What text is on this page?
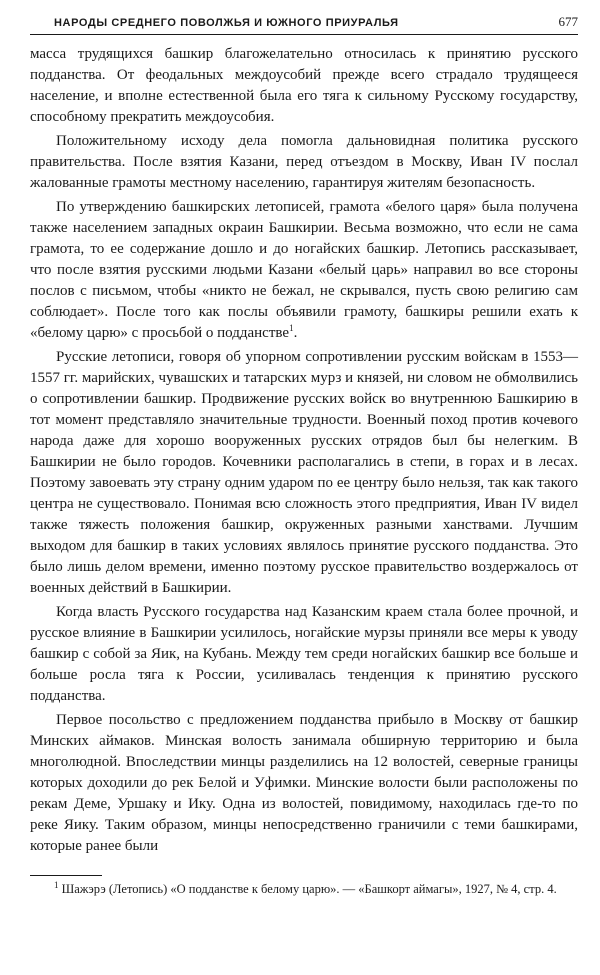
НАРОДЫ СРЕДНЕГО ПОВОЛЖЬЯ И ЮЖНОГО ПРИУРАЛЬЯ	677

масса трудящихся башкир благожелательно относилась к принятию русского подданства. От феодальных междоусобий прежде всего страдало трудящееся население, и вполне естественной была его тяга к сильному Русскому государству, способному прекратить междоусобия.

Положительному исходу дела помогла дальновидная политика русского правительства. После взятия Казани, перед отъездом в Москву, Иван IV послал жалованные грамоты местному населению, гарантируя жителям безопасность.

По утверждению башкирских летописей, грамота «белого царя» была получена также населением западных окраин Башкирии. Весьма возможно, что если не сама грамота, то ее содержание дошло и до ногайских башкир. Летопись рассказывает, что после взятия русскими людьми Казани «белый царь» направил во все стороны послов с письмом, чтобы «никто не бежал, не скрывался, пусть свою религию сам соблюдает». После того как послы объявили грамоту, башкиры решили ехать к «белому царю» с просьбой о подданстве$^1$.

Русские летописи, говоря об упорном сопротивлении русским войскам в 1553—1557 гг. марийских, чувашских и татарских мурз и князей, ни словом не обмолвились о сопротивлении башкир. Продвижение русских войск во внутреннюю Башкирию в тот момент представляло значительные трудности. Военный поход против кочевого народа даже для хорошо вооруженных русских отрядов был бы нелегким. В Башкирии не было городов. Кочевники располагались в степи, в горах и в лесах. Поэтому завоевать эту страну одним ударом по ее центру было нельзя, так как такого центра не существовало. Понимая всю сложность этого предприятия, Иван IV видел также тяжесть положения башкир, окруженных разными ханствами. Лучшим выходом для башкир в таких условиях являлось принятие русского подданства. Это было лишь делом времени, именно поэтому русское правительство воздержалось от военных действий в Башкирии.

Когда власть Русского государства над Казанским краем стала более прочной, и русское влияние в Башкирии усилилось, ногайские мурзы приняли все меры к уводу башкир с собой за Яик, на Кубань. Между тем среди ногайских башкир все больше и больше росла тяга к России, усиливалась тенденция к принятию русского подданства.

Первое посольство с предложением подданства прибыло в Москву от башкир Минских аймаков. Минская волость занимала обширную территорию и была многолюдной. Впоследствии минцы разделились на 12 волостей, северные границы которых доходили до рек Белой и Уфимки. Минские волости были расположены по рекам Деме, Уршаку и Ику. Одна из волостей, повидимому, находилась где-то по реке Яику. Таким образом, минцы непосредственно граничили с теми башкирами, которые ранее были

$^1$ Шажэрэ (Летопись) «О подданстве к белому царю». — «Башкорт аймагы», 1927, № 4, стр. 4.
